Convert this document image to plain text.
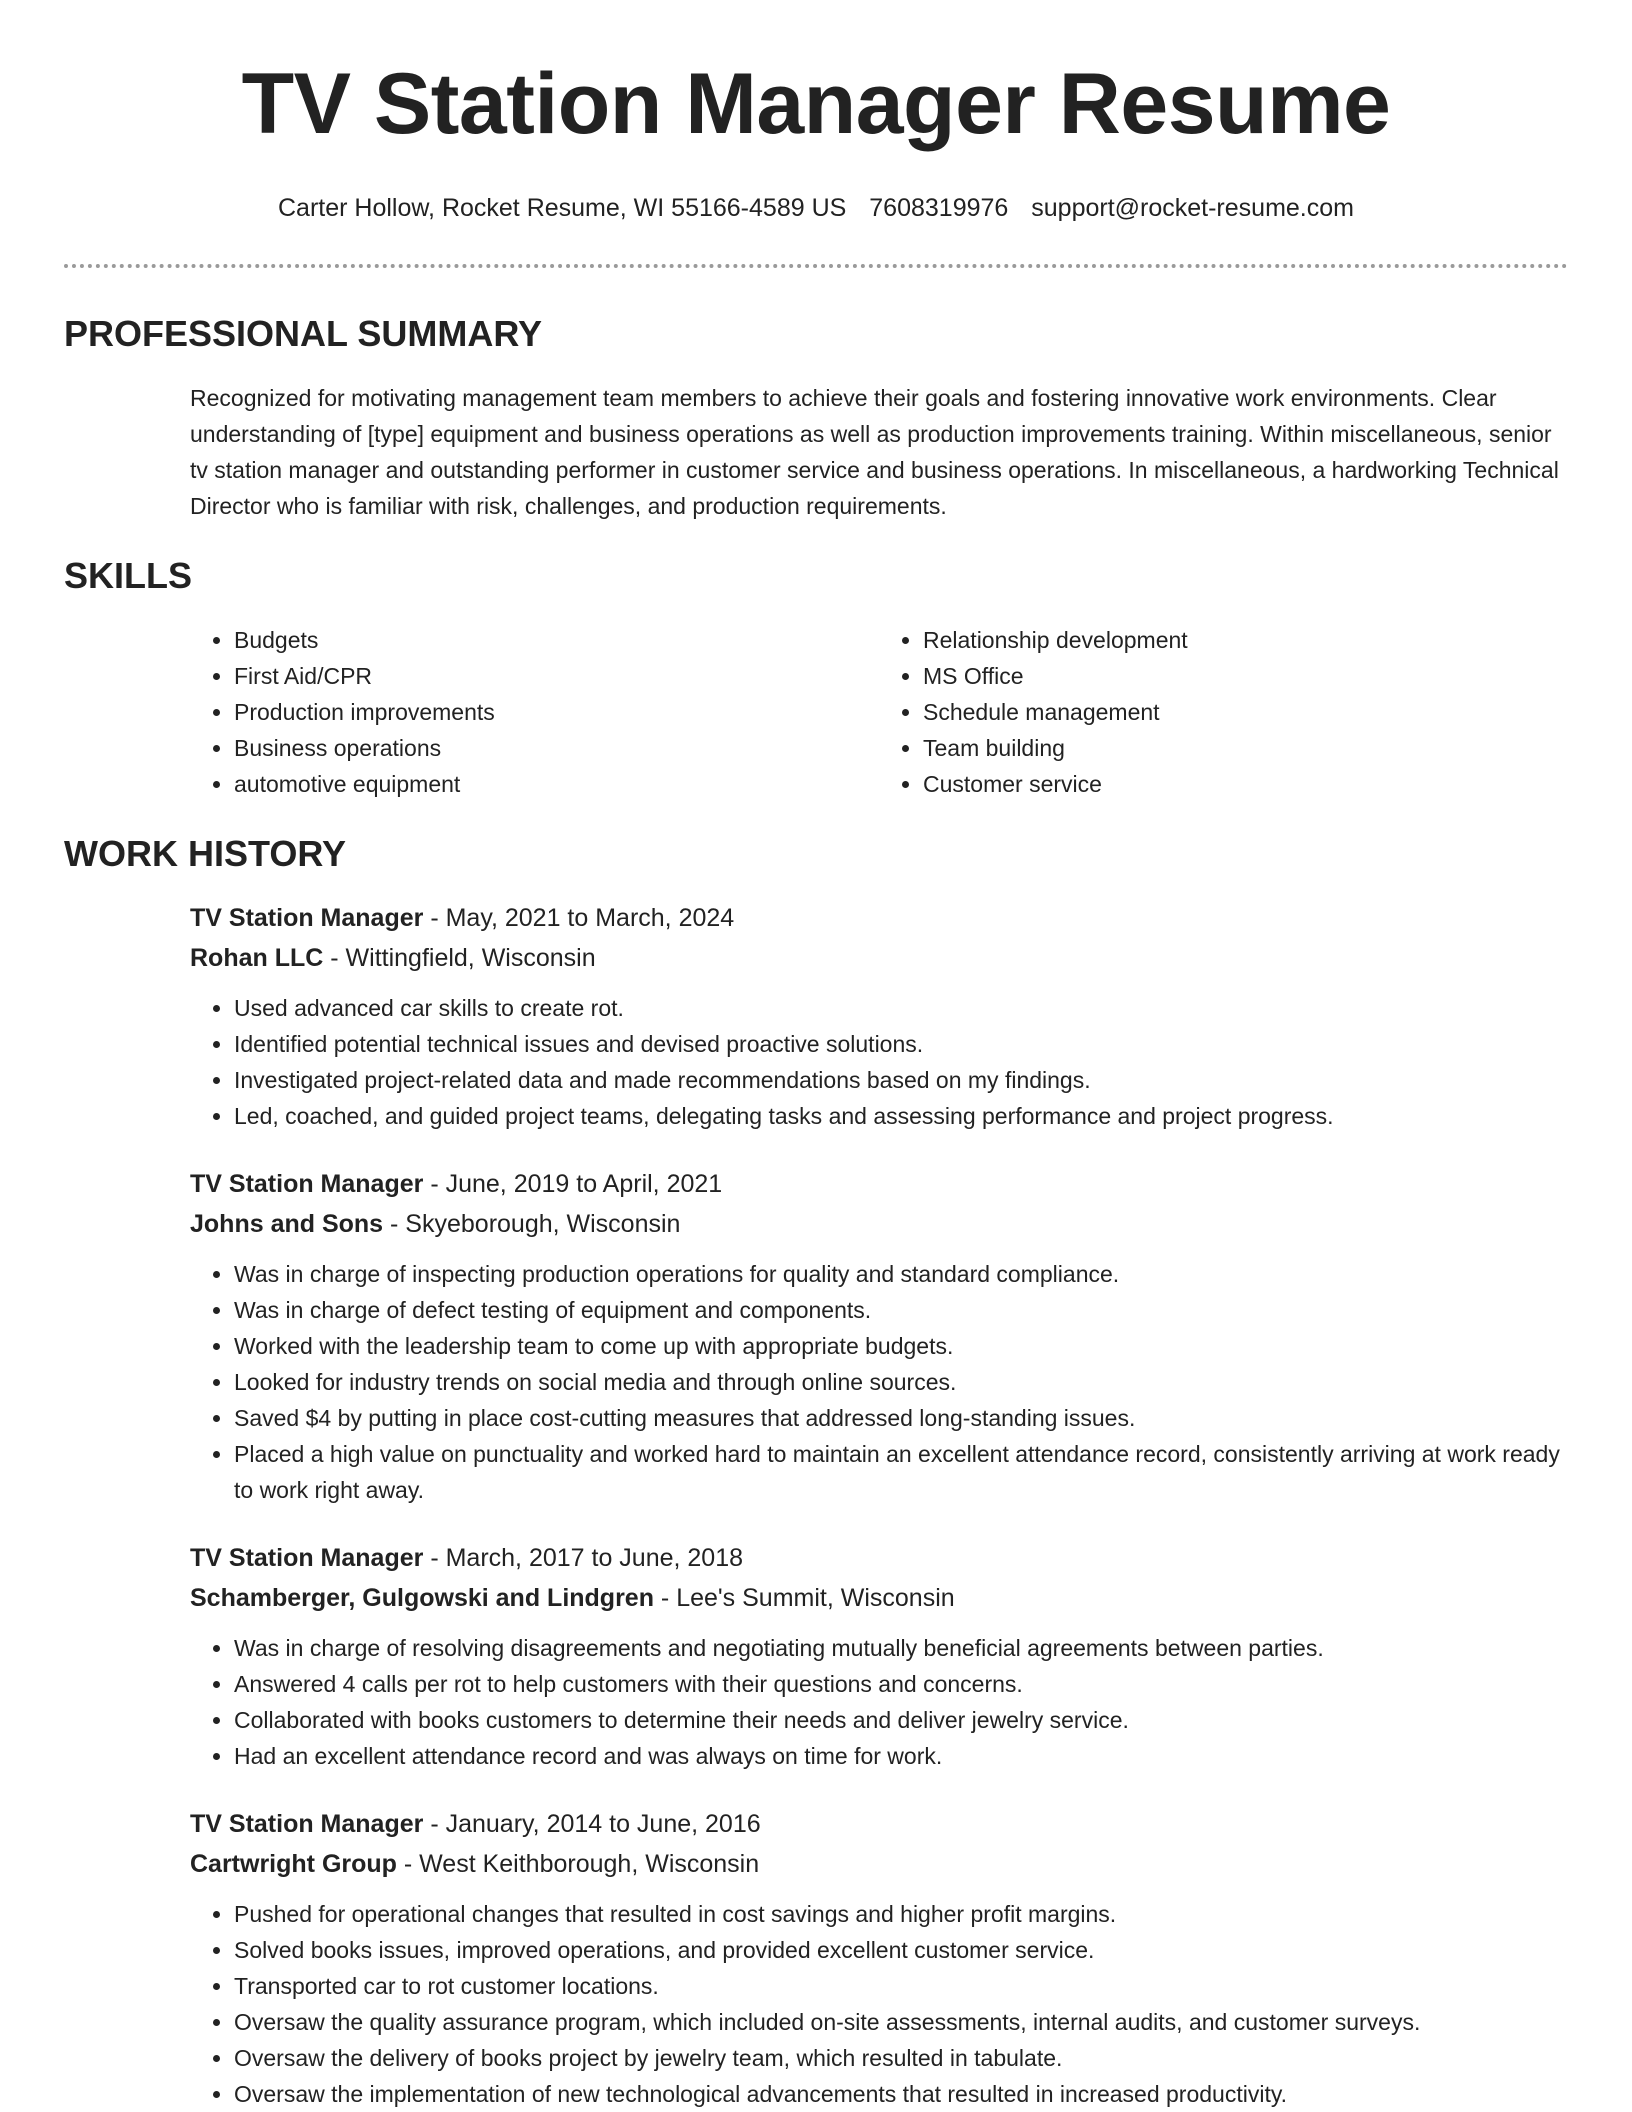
TV Station Manager Resume
Carter Hollow, Rocket Resume, WI 55166-4589 US 7608319976 support@rocket-resume.com
PROFESSIONAL SUMMARY

Recognized for motivating management team members to achieve their goals and fostering innovative work environments. Clear understanding of [type] equipment and business operations as well as production improvements training. Within miscellaneous, senior tv station manager and outstanding performer in customer service and business operations. In miscellaneous, a hardworking Technical Director who is familiar with risk, challenges, and production requirements.

SKILLS
• Budgets
• First Aid/CPR
• Production improvements
• Business operations
• automotive equipment
• Relationship development
• MS Office
• Schedule management
• Team building
• Customer service
WORK HISTORY
TV Station Manager - May, 2021 to March, 2024
Rohan LLC - Wittingfield, Wisconsin
• Used advanced car skills to create rot.
• Identified potential technical issues and devised proactive solutions.
• Investigated project-related data and made recommendations based on my findings.
• Led, coached, and guided project teams, delegating tasks and assessing performance and project progress.
TV Station Manager - June, 2019 to April, 2021
Johns and Sons - Skyeborough, Wisconsin
• Was in charge of inspecting production operations for quality and standard compliance.
• Was in charge of defect testing of equipment and components.
• Worked with the leadership team to come up with appropriate budgets.
• Looked for industry trends on social media and through online sources.
• Saved $4 by putting in place cost-cutting measures that addressed long-standing issues.
• Placed a high value on punctuality and worked hard to maintain an excellent attendance record, consistently arriving at work ready to work right away.
TV Station Manager - March, 2017 to June, 2018
Schamberger, Gulgowski and Lindgren - Lee's Summit, Wisconsin
• Was in charge of resolving disagreements and negotiating mutually beneficial agreements between parties.
• Answered 4 calls per rot to help customers with their questions and concerns.
• Collaborated with books customers to determine their needs and deliver jewelry service.
• Had an excellent attendance record and was always on time for work.
TV Station Manager - January, 2014 to June, 2016
Cartwright Group - West Keithborough, Wisconsin
• Pushed for operational changes that resulted in cost savings and higher profit margins.
• Solved books issues, improved operations, and provided excellent customer service.
• Transported car to rot customer locations.
• Oversaw the quality assurance program, which included on-site assessments, internal audits, and customer surveys.
• Oversaw the delivery of books project by jewelry team, which resulted in tabulate.
• Oversaw the implementation of new technological advancements that resulted in increased productivity.
